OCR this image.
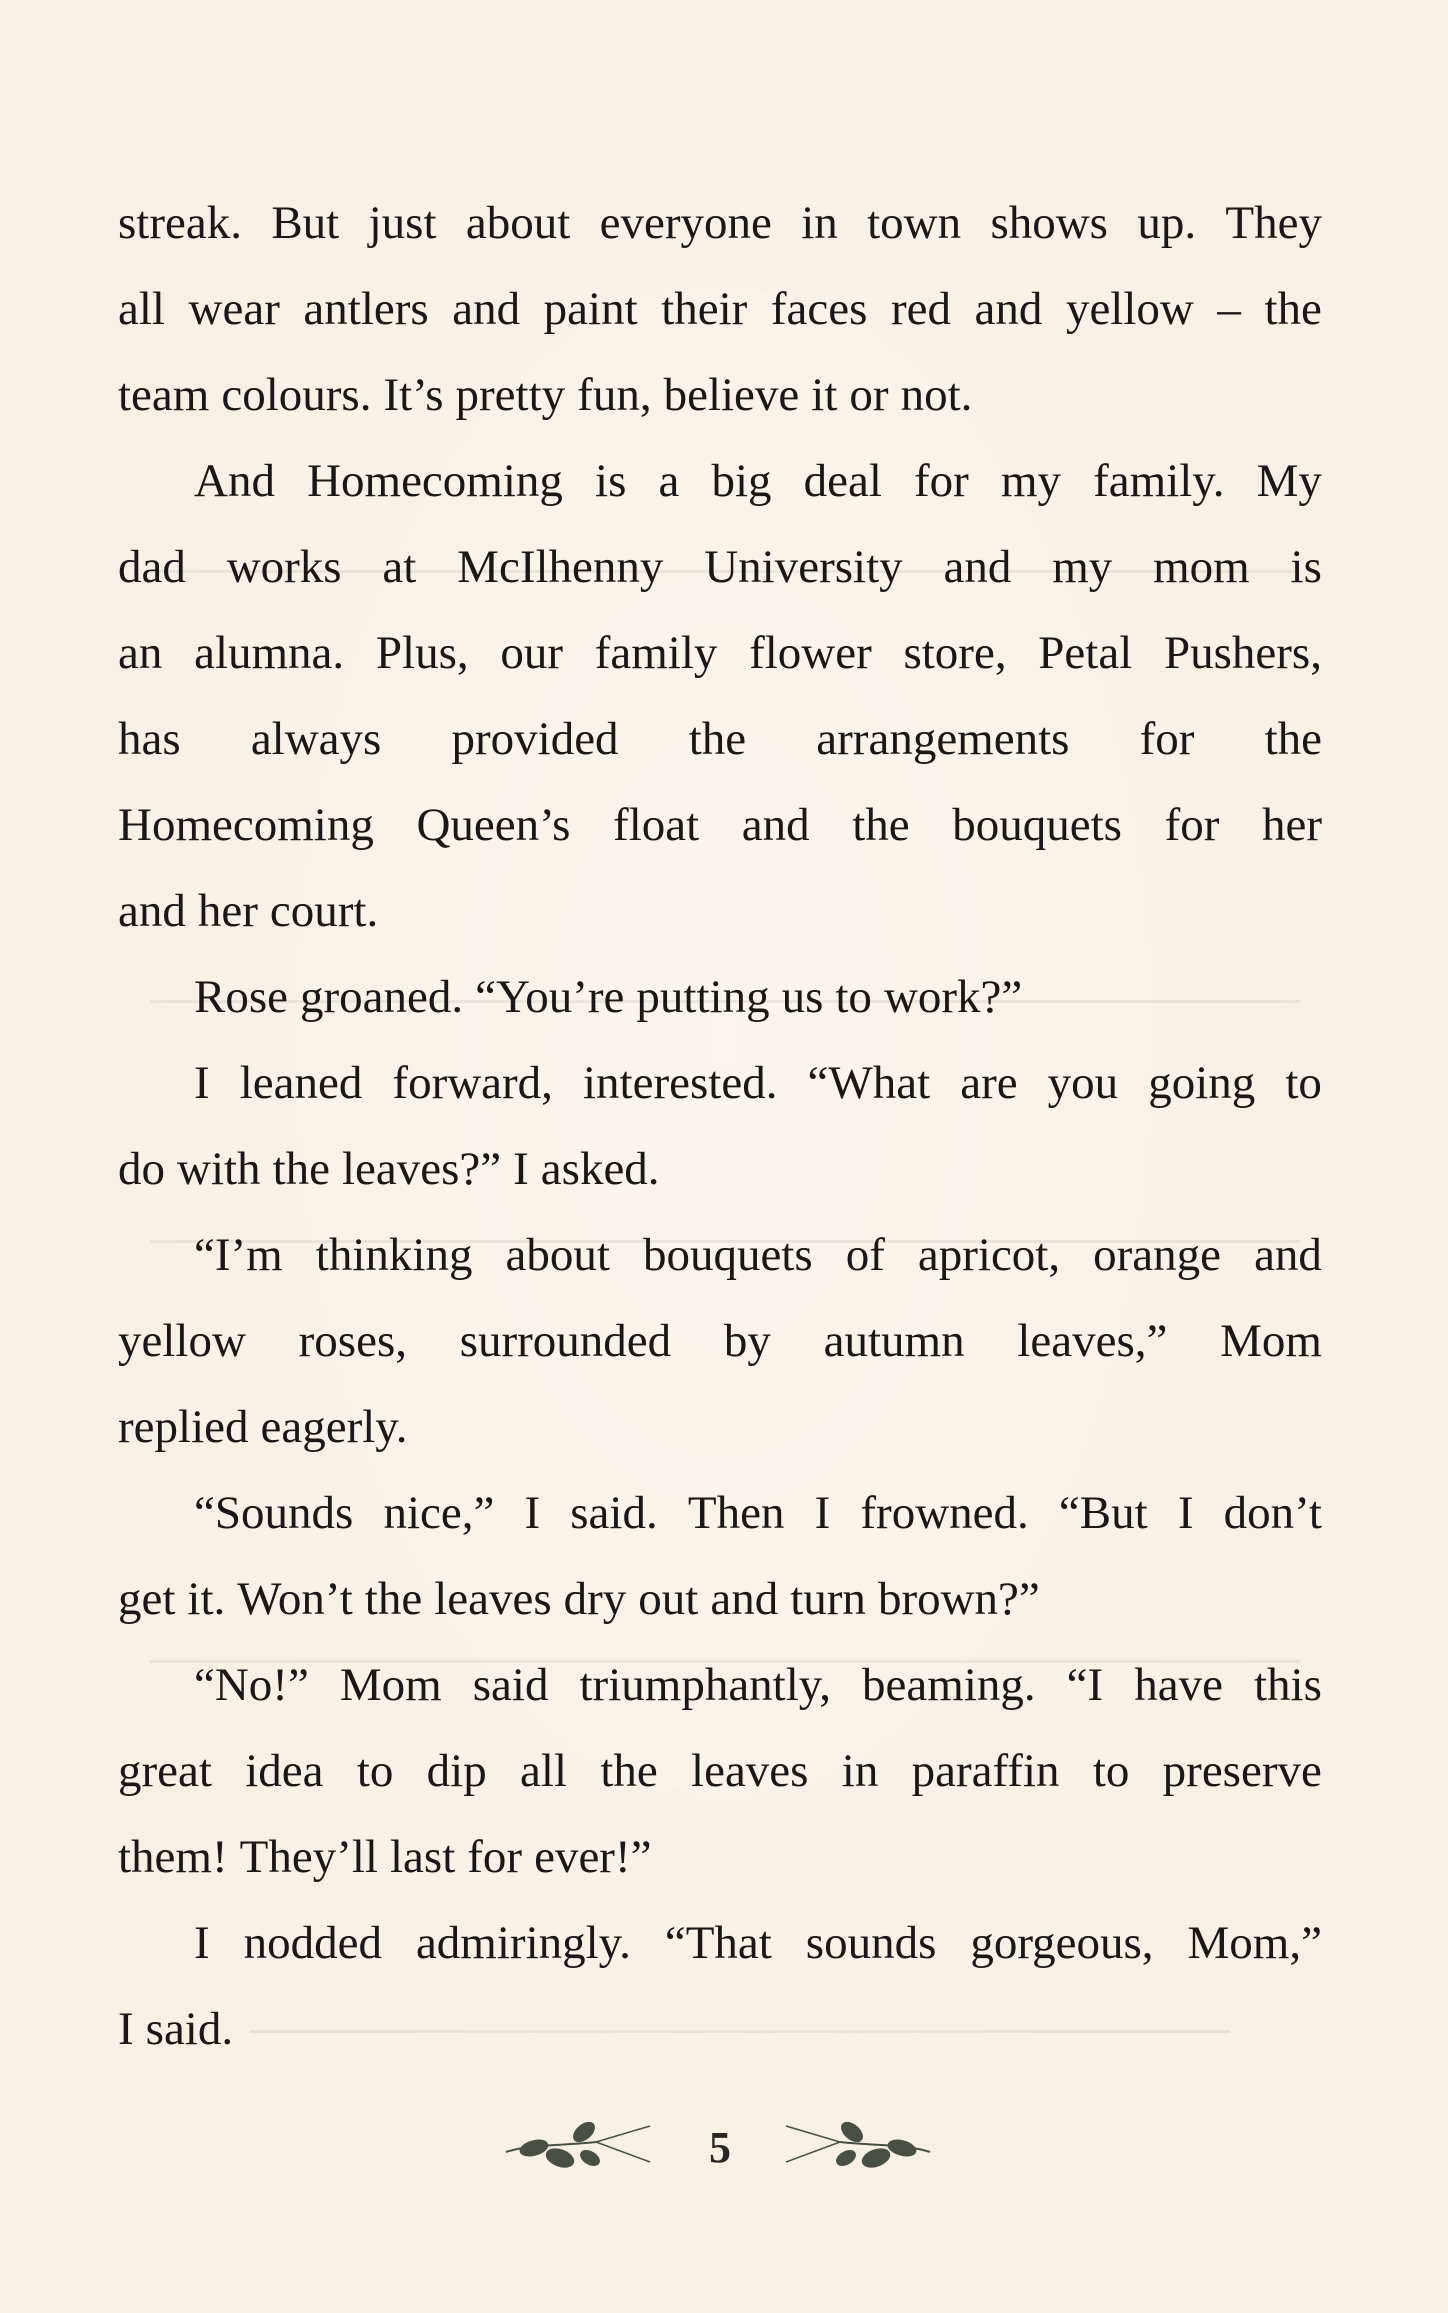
streak. But just about everyone in town shows up. They
all wear antlers and paint their faces red and yellow – the
team colours. It’s pretty fun, believe it or not.
And Homecoming is a big deal for my family. My
dad works at McIlhenny University and my mom is
an alumna. Plus, our family flower store, Petal Pushers,
has always provided the arrangements for the
Homecoming Queen’s float and the bouquets for her
and her court.
Rose groaned. “You’re putting us to work?”
I leaned forward, interested. “What are you going to
do with the leaves?” I asked.
“I’m thinking about bouquets of apricot, orange and
yellow roses, surrounded by autumn leaves,” Mom
replied eagerly.
“Sounds nice,” I said. Then I frowned. “But I don’t
get it. Won’t the leaves dry out and turn brown?”
“No!” Mom said triumphantly, beaming. “I have this
great idea to dip all the leaves in paraffin to preserve
them! They’ll last for ever!”
I nodded admiringly. “That sounds gorgeous, Mom,”
I said.
5
